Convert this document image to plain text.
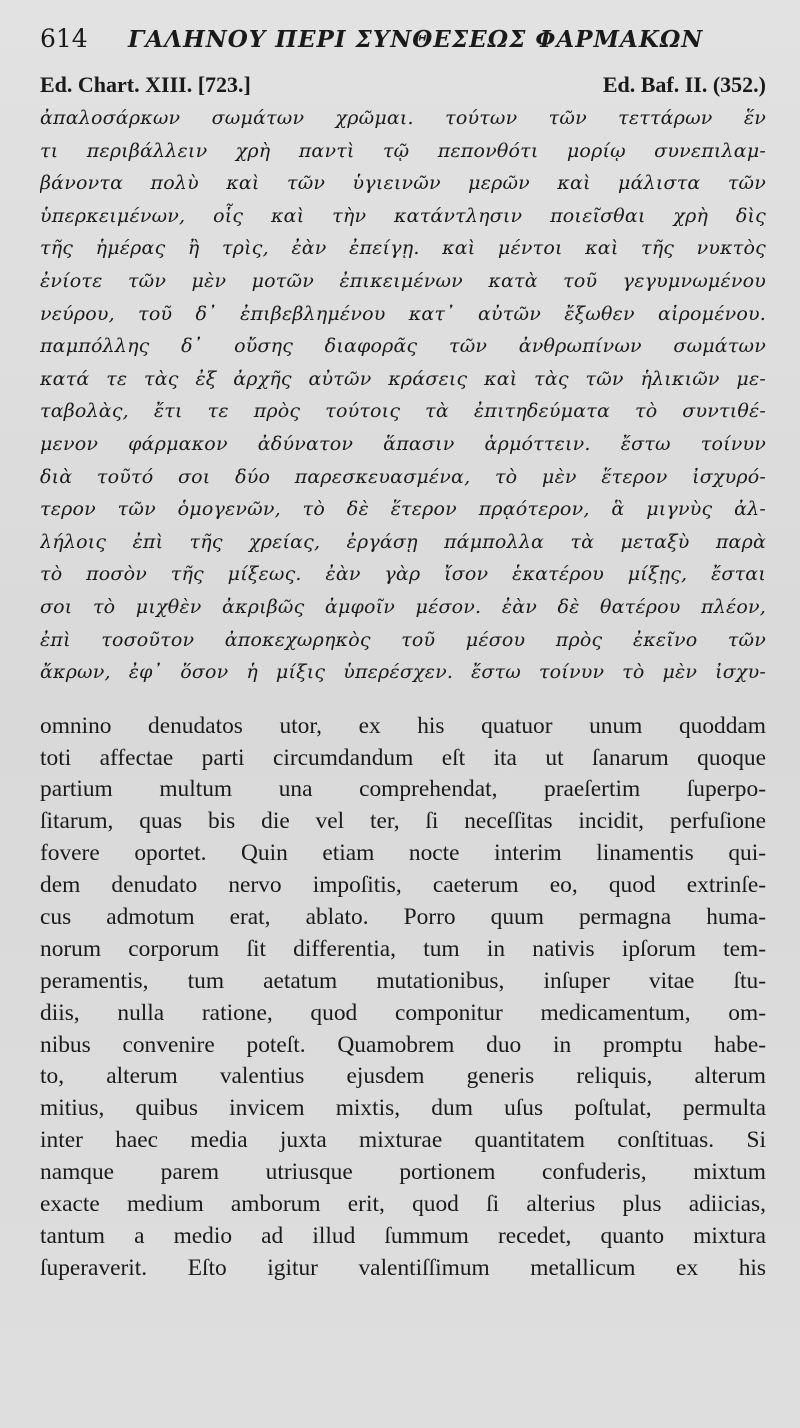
614	ΓΑΛΗΝΟΥ ΠΕΡΙ ΣΥΝΘΕΣΕΩΣ ΦΑΡΜΑΚΩΝ
Ed. Chart. XIII. [723.]	Ed. Baf. II. (352.)
ἀπαλοσάρκων σωμάτων χρῶμαι. τούτων τῶν τεττάρων ἕν
τι περιβάλλειν χρὴ παντὶ τῷ πεπονθότι μορίῳ συνεπιλαμ-
βάνοντα πολὺ καὶ τῶν ὑγιεινῶν μερῶν καὶ μάλιστα τῶν
ὑπερκειμένων, οἷς καὶ τὴν κατάντλησιν ποιεῖσθαι χρὴ δὶς
τῆς ἡμέρας ἢ τρὶς, ἐὰν ἐπείγῃ. καὶ μέντοι καὶ τῆς νυκτὸς
ἐνίοτε τῶν μὲν μοτῶν ἐπικειμένων κατὰ τοῦ γεγυμνωμένου
νεύρου, τοῦ δ᾽ ἐπιβεβλημένου κατ᾽ αὐτῶν ἔξωθεν αἰρομένου.
παμπόλλης δ᾽ οὔσης διαφορᾶς τῶν ἀνθρωπίνων σωμάτων
κατά τε τὰς ἐξ ἀρχῆς αὐτῶν κράσεις καὶ τὰς τῶν ἡλικιῶν με-
ταβολὰς, ἔτι τε πρὸς τούτοις τὰ ἐπιτηδεύματα τὸ συντιθέ-
μενον φάρμακον ἀδύνατον ἅπασιν ἁρμόττειν. ἔστω τοίνυν
διὰ τοῦτό σοι δύο παρεσκευασμένα, τὸ μὲν ἕτερον ἰσχυρό-
τερον τῶν ὁμογενῶν, τὸ δὲ ἕτερον πρᾳότερον, ἃ μιγνὺς ἀλ-
λήλοις ἐπὶ τῆς χρείας, ἐργάσῃ πάμπολλα τὰ μεταξὺ παρὰ
τὸ ποσὸν τῆς μίξεως. ἐὰν γὰρ ἴσον ἑκατέρου μίξῃς, ἔσται
σοι τὸ μιχθὲν ἀκριβῶς ἀμφοῖν μέσον. ἐὰν δὲ θατέρου πλέον,
ἐπὶ τοσοῦτον ἀποκεχωρηκὸς τοῦ μέσου πρὸς ἐκεῖνο τῶν
ἄκρων, ἐφ᾽ ὅσον ἡ μίξις ὑπερέσχεν. ἔστω τοίνυν τὸ μὲν ἰσχυ-
omnino denudatos utor, ex his quatuor unum quoddam
toti affectae parti circumdandum eſt ita ut ſanarum quoque
partium multum una comprehendat, praeſertim ſuperpo-
ſitarum, quas bis die vel ter, ſi neceſſitas incidit, perfuſione
fovere oportet. Quin etiam nocte interim linamentis qui-
dem denudato nervo impoſitis, caeterum eo, quod extrinſe-
cus admotum erat, ablato. Porro quum permagna huma-
norum corporum ſit differentia, tum in nativis ipſorum tem-
peramentis, tum aetatum mutationibus, inſuper vitae ſtu-
diis, nulla ratione, quod componitur medicamentum, om-
nibus convenire poteſt. Quamobrem duo in promptu habe-
to, alterum valentius ejusdem generis reliquis, alterum
mitius, quibus invicem mixtis, dum uſus poſtulat, permulta
inter haec media juxta mixturae quantitatem conſtituas. Si
namque parem utriusque portionem confuderis, mixtum
exacte medium amborum erit, quod ſi alterius plus adiicias,
tantum a medio ad illud ſummum recedet, quanto mixtura
ſuperaverit. Eſto igitur valentiſſimum metallicum ex his
